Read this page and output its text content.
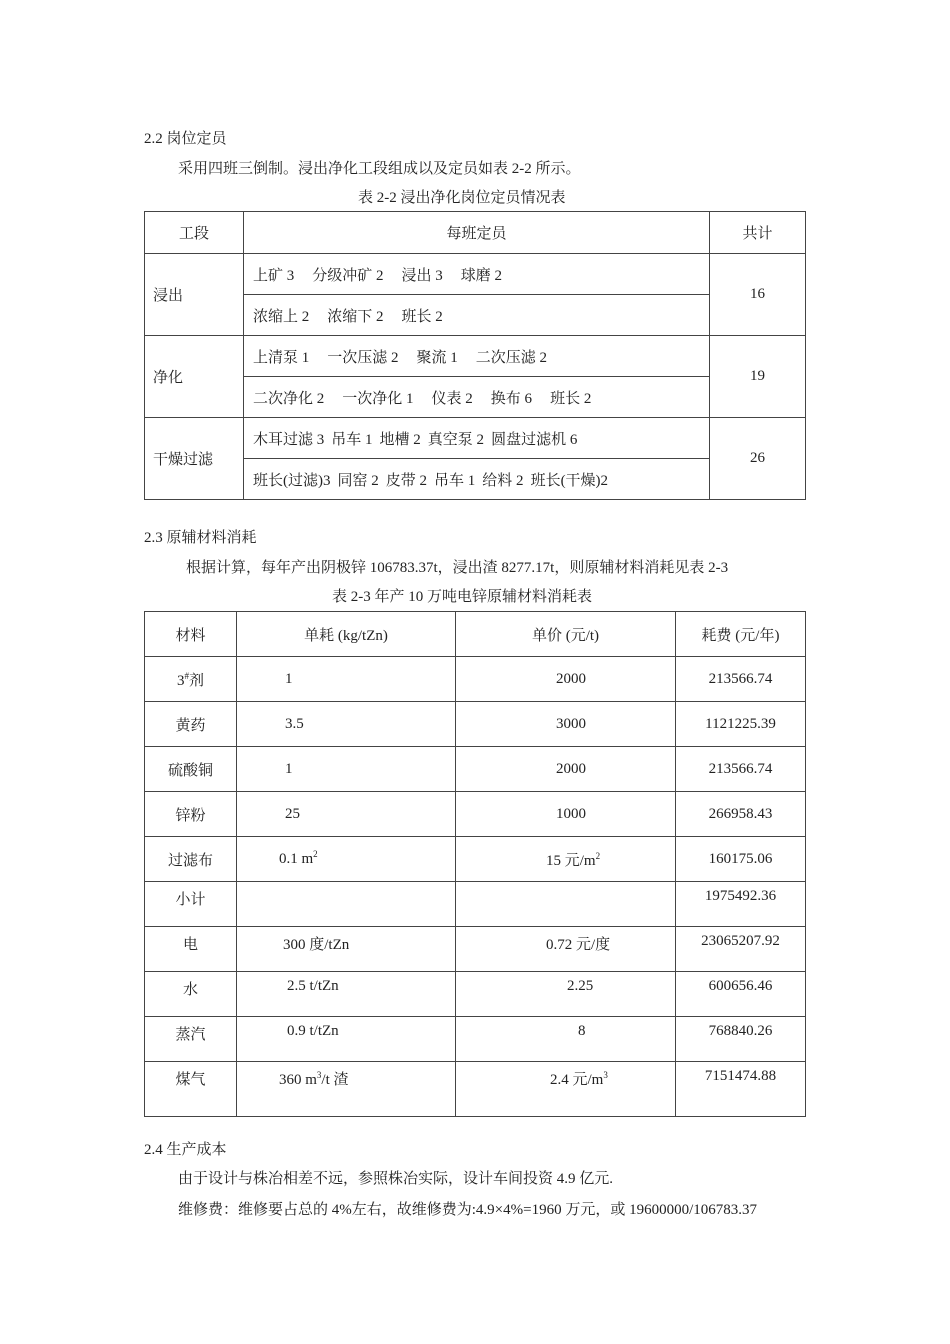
2.2 岗位定员
采用四班三倒制。浸出净化工段组成以及定员如表 2-2 所示。
表 2-2 浸出净化岗位定员情况表
工段	每班定员	共计
浸出	上矿 3 分级冲矿 2 浸出 3 球磨 2	16
	浓缩上 2 浓缩下 2 班长 2	
净化	上清泵 1 一次压滤 2 聚流 1 二次压滤 2	19
	二次净化 2 一次净化 1 仪表 2 换布 6 班长 2	
干燥过滤	木耳过滤 3 吊车 1 地槽 2 真空泵 2 圆盘过滤机 6	26
	班长(过滤)3 同窑 2 皮带 2 吊车 1 给料 2 班长(干燥)2	
2.3 原辅材料消耗
根据计算，每年产出阴极锌 106783.37t，浸出渣 8277.17t，则原辅材料消耗见表 2-3
表 2-3 年产 10 万吨电锌原辅材料消耗表
材料	单耗 (kg/tZn)	单价 (元/t)	耗费 (元/年)
3#剂	1	2000	213566.74
黄药	3.5	3000	1121225.39
硫酸铜	1	2000	213566.74
锌粉	25	1000	266958.43
过滤布	0.1 $m^2$	15 元$/m^2$	160175.06
小计			1975492.36
电	300 度/tZn	0.72 元/度	23065207.92
水	2.5 t/tZn	2.25	600656.46
蒸汽	0.9 t/tZn	8	768840.26
煤气	360 $m^3/t$ 渣	2.4 元$/m^3$	7151474.88
2.4 生产成本
由于设计与株冶相差不远，参照株冶实际，设计车间投资 4.9 亿元.
维修费：维修要占总的 4%左右，故维修费为:4.9×4%=1960 万元，或 19600000/106783.37
